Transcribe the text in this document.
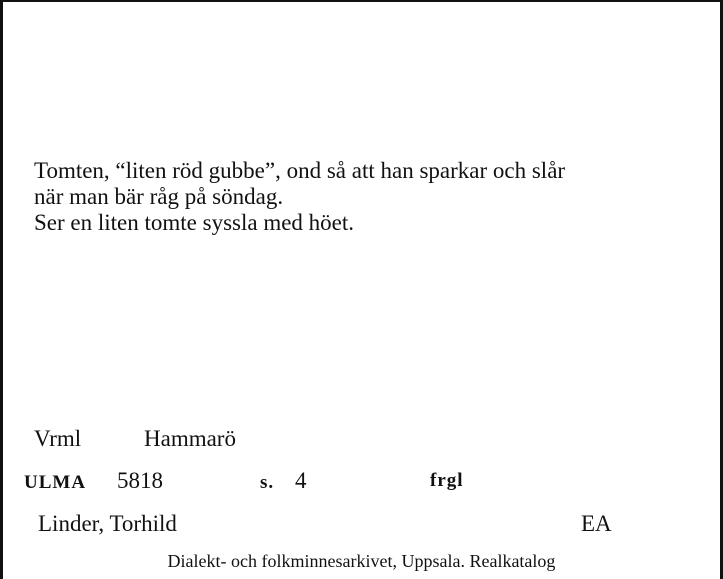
Tomten, “liten röd gubbe”, ond så att han sparkar och slår
när man bär råg på söndag.
Ser en liten tomte syssla med höet.
Vrml	Hammarö
ULMA 5818	s. 4	frgl
Linder, Torhild	EA
Dialekt- och folkminnesarkivet, Uppsala. Realkatalog
